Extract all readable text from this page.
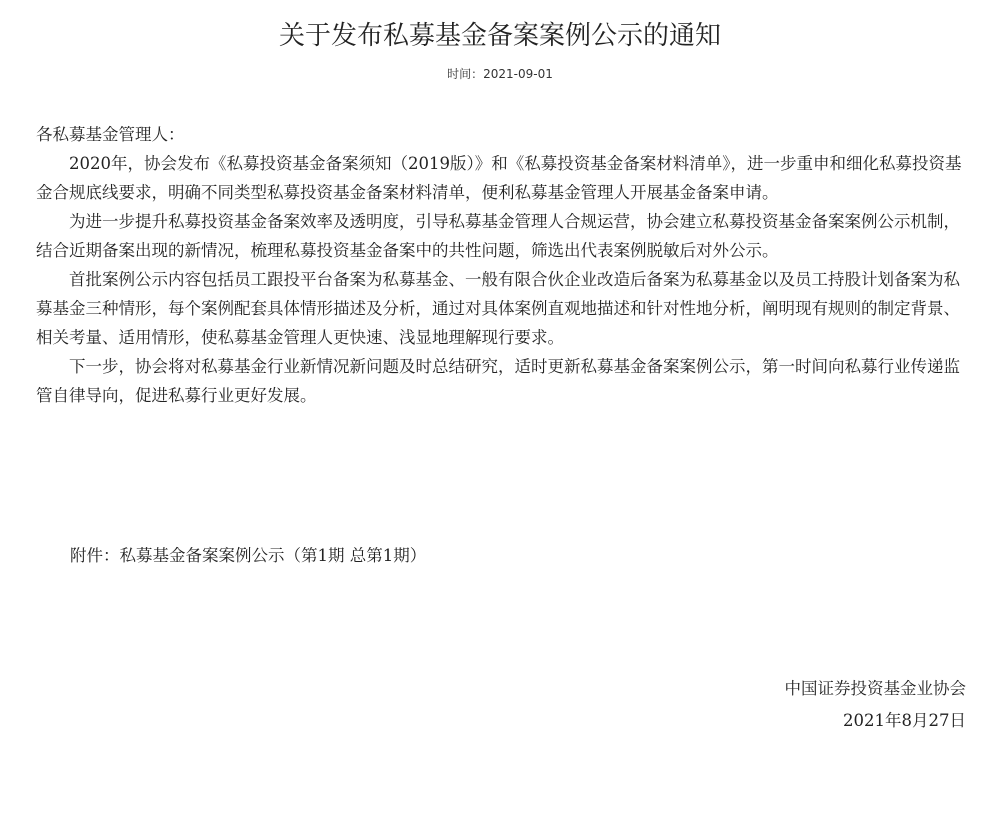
关于发布私募基金备案案例公示的通知
时间：2021-09-01

各私募基金管理人：

2020年，协会发布《私募投资基金备案须知（2019版）》和《私募投资基金备案材料清单》，进一步重申和细化私募投资基金合规底线要求，明确不同类型私募投资基金备案材料清单，便利私募基金管理人开展基金备案申请。

为进一步提升私募投资基金备案效率及透明度，引导私募基金管理人合规运营，协会建立私募投资基金备案案例公示机制，结合近期备案出现的新情况，梳理私募投资基金备案中的共性问题，筛选出代表案例脱敏后对外公示。

首批案例公示内容包括员工跟投平台备案为私募基金、一般有限合伙企业改造后备案为私募基金以及员工持股计划备案为私募基金三种情形，每个案例配套具体情形描述及分析，通过对具体案例直观地描述和针对性地分析，阐明现有规则的制定背景、相关考量、适用情形，使私募基金管理人更快速、浅显地理解现行要求。

下一步，协会将对私募基金行业新情况新问题及时总结研究，适时更新私募基金备案案例公示，第一时间向私募行业传递监管自律导向，促进私募行业更好发展。

附件：私募基金备案案例公示（第1期 总第1期）
中国证券投资基金业协会
2021年8月27日
